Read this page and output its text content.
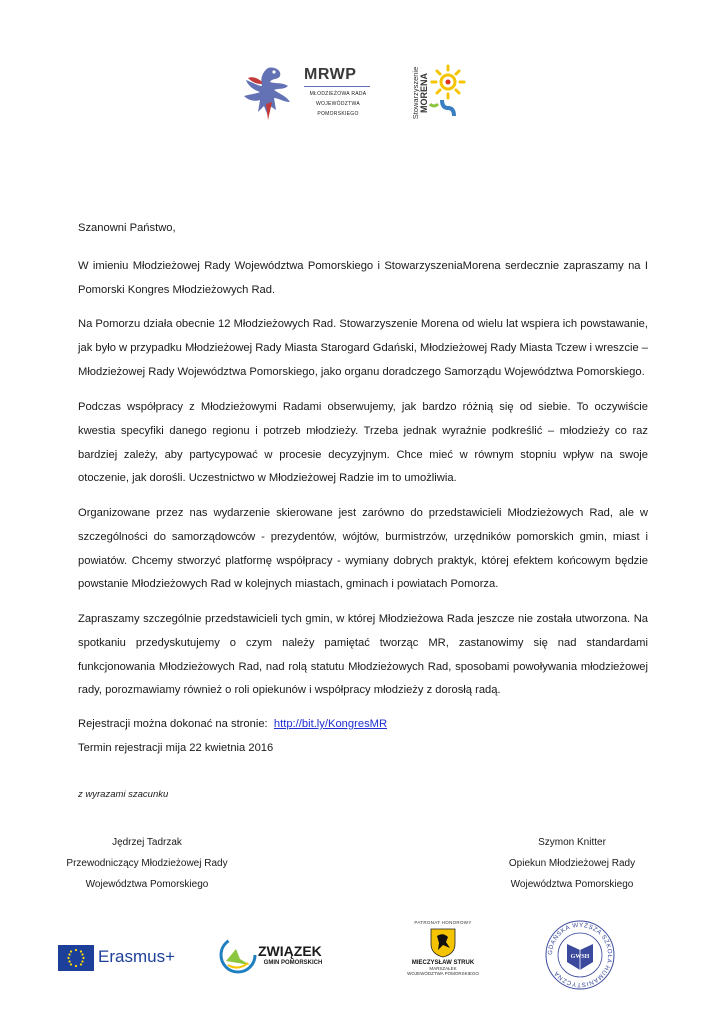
MRWP
MŁODZIEŻOWA RADA
WOJEWÓDZTWA
POMORSKIEGO	Stowarzyszenie MORENA

Szanowni Państwo,

W imieniu Młodzieżowej Rady Województwa Pomorskiego i StowarzyszeniaMorena serdecznie zapraszamy na I Pomorski Kongres Młodzieżowych Rad.

Na Pomorzu działa obecnie 12 Młodzieżowych Rad. Stowarzyszenie Morena od wielu lat wspiera ich powstawanie, jak było w przypadku Młodzieżowej Rady Miasta Starogard Gdański, Młodzieżowej Rady Miasta Tczew i wreszcie – Młodzieżowej Rady Województwa Pomorskiego, jako organu doradczego Samorządu Województwa Pomorskiego.

Podczas współpracy z Młodzieżowymi Radami obserwujemy, jak bardzo różnią się od siebie. To oczywiście kwestia specyfiki danego regionu i potrzeb młodzieży. Trzeba jednak wyraźnie podkreślić – młodzieży co raz bardziej zależy, aby partycypować w procesie decyzyjnym. Chce mieć w równym stopniu wpływ na swoje otoczenie, jak dorośli. Uczestnictwo w Młodzieżowej Radzie im to umożliwia.

Organizowane przez nas wydarzenie skierowane jest zarówno do przedstawicieli Młodzieżowych Rad, ale w szczególności do samorządowców - prezydentów, wójtów, burmistrzów, urzędników pomorskich gmin, miast i powiatów. Chcemy stworzyć platformę współpracy - wymiany dobrych praktyk, której efektem końcowym będzie powstanie Młodzieżowych Rad w kolejnych miastach, gminach i powiatach Pomorza.

Zapraszamy szczególnie przedstawicieli tych gmin, w której Młodzieżowa Rada jeszcze nie została utworzona. Na spotkaniu przedyskutujemy o czym należy pamiętać tworząc MR, zastanowimy się nad standardami funkcjonowania Młodzieżowych Rad, nad rolą statutu Młodzieżowych Rad, sposobami powoływania młodzieżowej rady, porozmawiamy również o roli opiekunów i współpracy młodzieży z dorosłą radą.

Rejestracji można dokonać na stronie: http://bit.ly/KongresMR

Termin rejestracji mija 22 kwietnia 2016

z wyrazami szacunku

Jędrzej Tadrzak
Przewodniczący Młodzieżowej Rady
Województwa Pomorskiego
Szymon Knitter
Opiekun Młodzieżowej Rady
Województwa Pomorskiego
Erasmus+	ZWIĄZEK
GMIN POMORSKICH
PATRONAT HONOROWY
MIECZYSŁAW STRUK
MARSZAŁEK
WOJEWÓDZTWA POMORSKIEGO
GDAŃSKA WYŻSZA SZKOŁA HUMANISTYCZNA
GWSH
